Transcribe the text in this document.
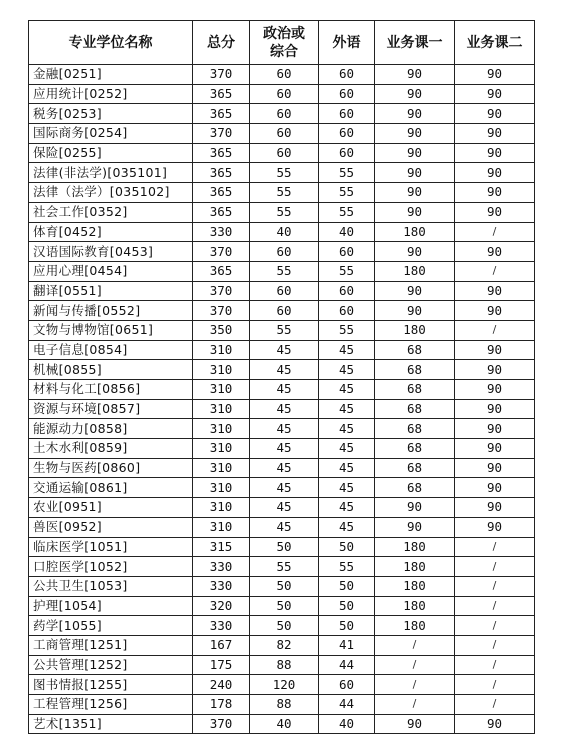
专业学位名称	总分	政治或
综合	外语	业务课一	业务课二
金融[0251]	370	60	60	90	90
应用统计[0252]	365	60	60	90	90
税务[0253]	365	60	60	90	90
国际商务[0254]	370	60	60	90	90
保险[0255]	365	60	60	90	90
法律(非法学)[035101]	365	55	55	90	90
法律（法学）[035102]	365	55	55	90	90
社会工作[0352]	365	55	55	90	90
体育[0452]	330	40	40	180	/
汉语国际教育[0453]	370	60	60	90	90
应用心理[0454]	365	55	55	180	/
翻译[0551]	370	60	60	90	90
新闻与传播[0552]	370	60	60	90	90
文物与博物馆[0651]	350	55	55	180	/
电子信息[0854]	310	45	45	68	90
机械[0855]	310	45	45	68	90
材料与化工[0856]	310	45	45	68	90
资源与环境[0857]	310	45	45	68	90
能源动力[0858]	310	45	45	68	90
土木水利[0859]	310	45	45	68	90
生物与医药[0860]	310	45	45	68	90
交通运输[0861]	310	45	45	68	90
农业[0951]	310	45	45	90	90
兽医[0952]	310	45	45	90	90
临床医学[1051]	315	50	50	180	/
口腔医学[1052]	330	55	55	180	/
公共卫生[1053]	330	50	50	180	/
护理[1054]	320	50	50	180	/
药学[1055]	330	50	50	180	/
工商管理[1251]	167	82	41	/	/
公共管理[1252]	175	88	44	/	/
图书情报[1255]	240	120	60	/	/
工程管理[1256]	178	88	44	/	/
艺术[1351]	370	40	40	90	90
